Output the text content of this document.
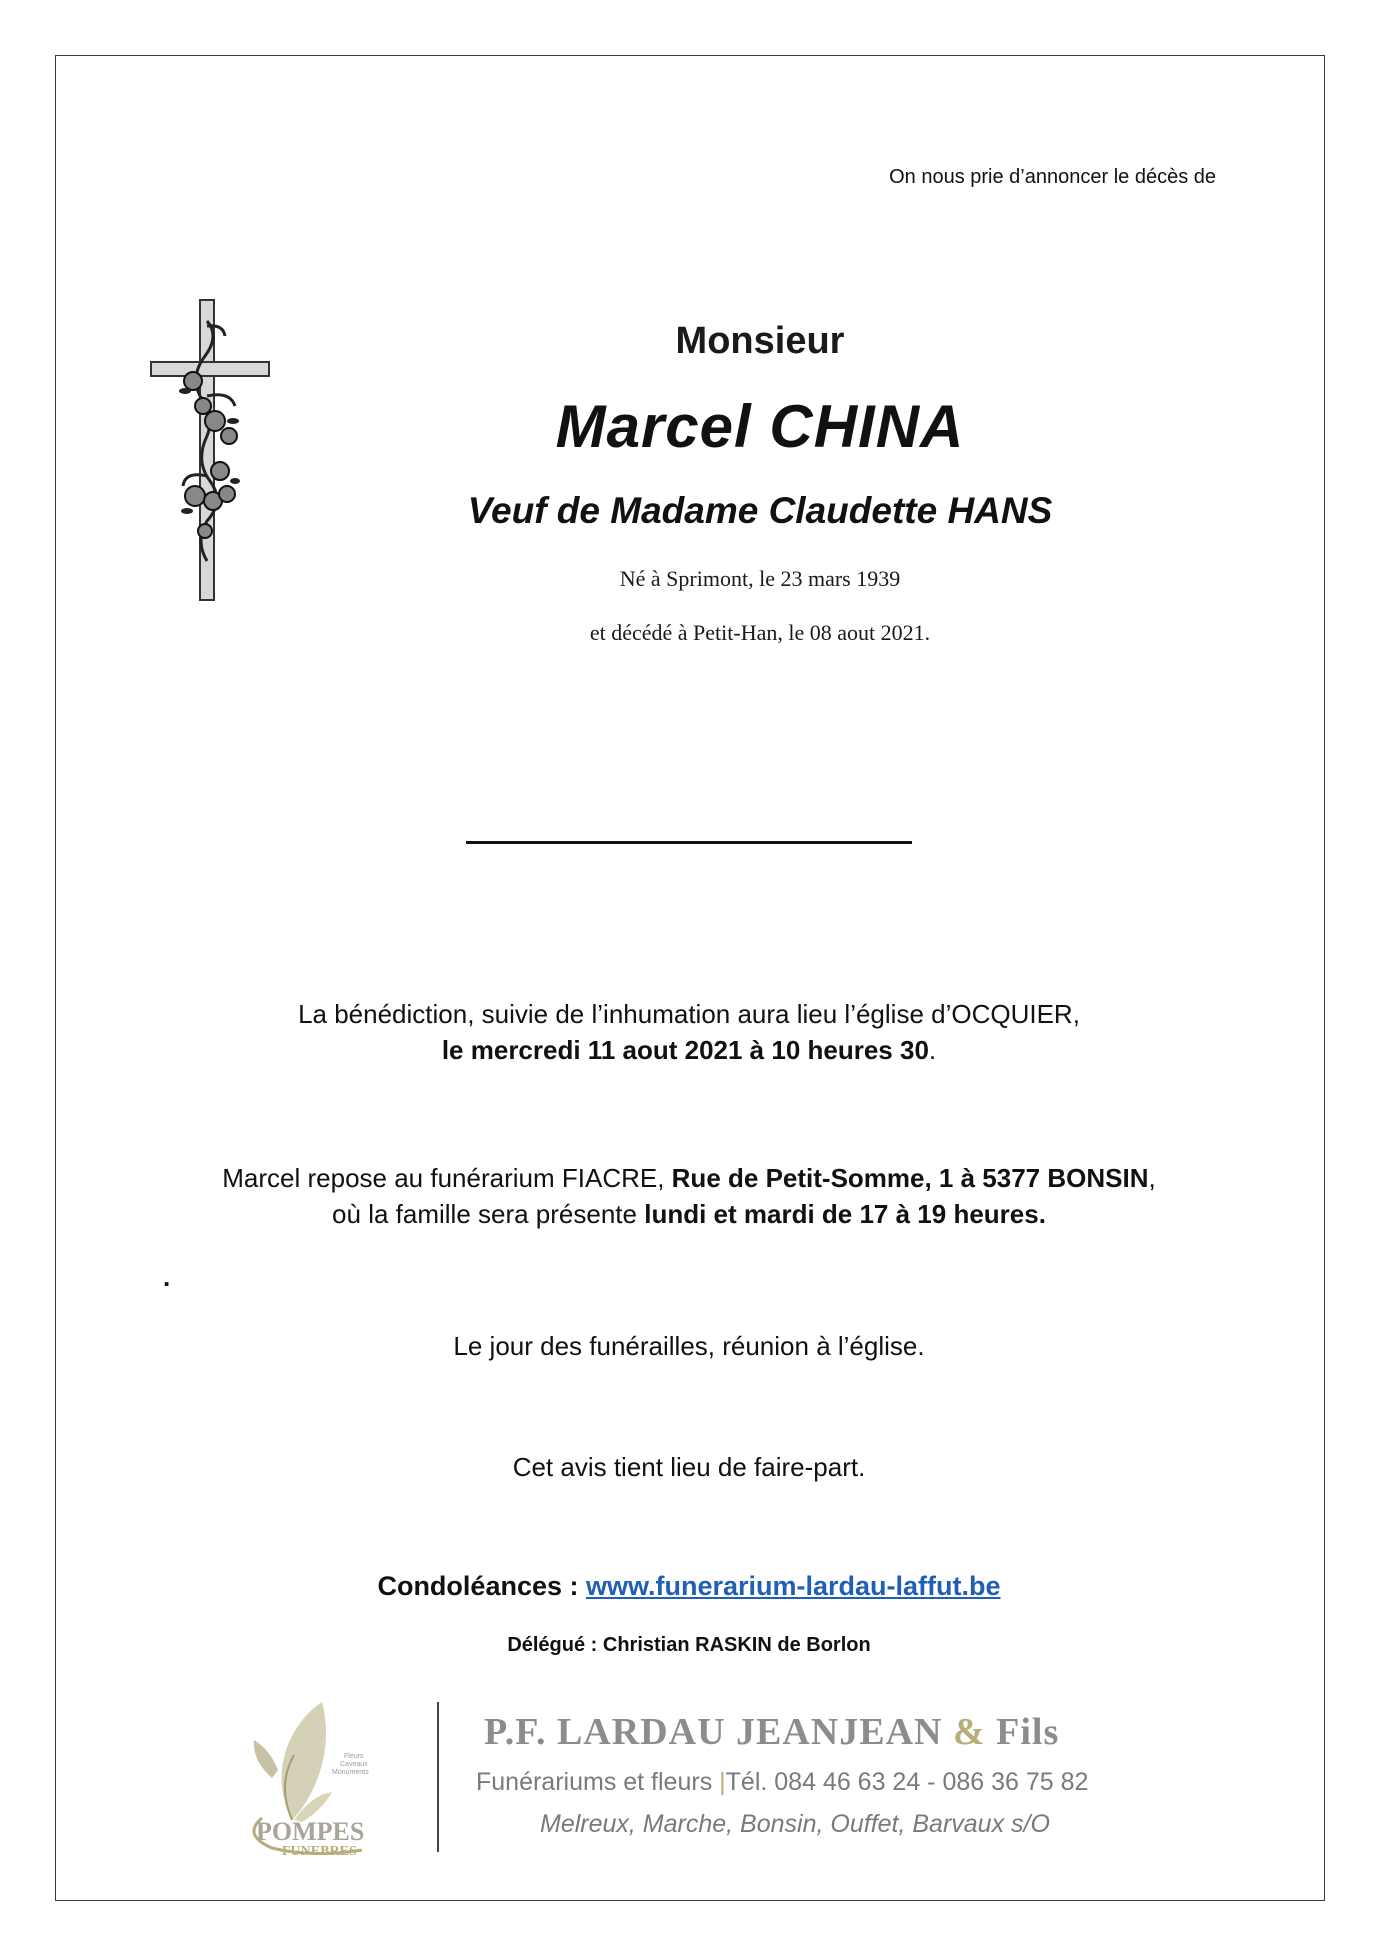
On nous prie d’annoncer le décès de
Monsieur
Marcel CHINA
Veuf de Madame Claudette HANS
Né à Sprimont, le 23 mars 1939
et décédé à Petit-Han, le 08 aout 2021.
La bénédiction, suivie de l’inhumation aura lieu l’église d’OCQUIER,
le mercredi 11 aout 2021 à 10 heures 30.
Marcel repose au funérarium FIACRE, Rue de Petit-Somme, 1 à 5377 BONSIN,
où la famille sera présente lundi et mardi de 17 à 19 heures.
.
Le jour des funérailles, réunion à l’église.
Cet avis tient lieu de faire-part.
Condoléances : www.funerarium-lardau-laffut.be
Délégué : Christian RASKIN de Borlon
Fleurs
Caveaux
Monuments
POMPES
FUNEBRES
P.F. LARDAU JEANJEAN & Fils
Funérariums et fleurs |Tél. 084 46 63 24 - 086 36 75 82
Melreux, Marche, Bonsin, Ouffet, Barvaux s/O
